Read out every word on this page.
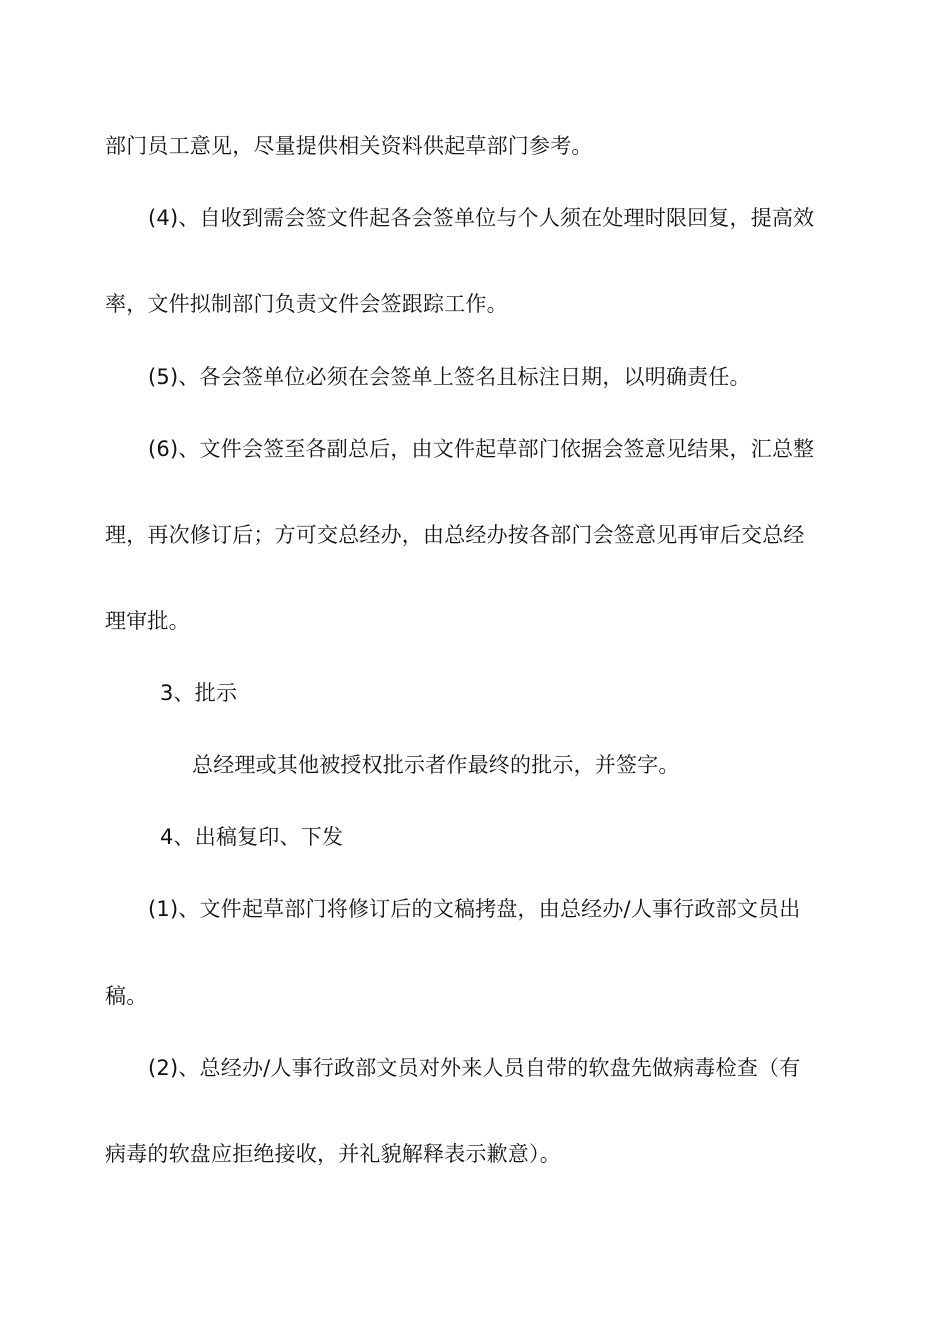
部门员工意见，尽量提供相关资料供起草部门参考。
(4)、自收到需会签文件起各会签单位与个人须在处理时限回复，提高效
率，文件拟制部门负责文件会签跟踪工作。
(5)、各会签单位必须在会签单上签名且标注日期，以明确责任。
(6)、文件会签至各副总后，由文件起草部门依据会签意见结果，汇总整
理，再次修订后；方可交总经办，由总经办按各部门会签意见再审后交总经
理审批。
3、批示
总经理或其他被授权批示者作最终的批示，并签字。
4、出稿复印、下发
(1)、文件起草部门将修订后的文稿拷盘，由总经办/人事行政部文员出
稿。
(2)、总经办/人事行政部文员对外来人员自带的软盘先做病毒检查（有
病毒的软盘应拒绝接收，并礼貌解释表示歉意）。
